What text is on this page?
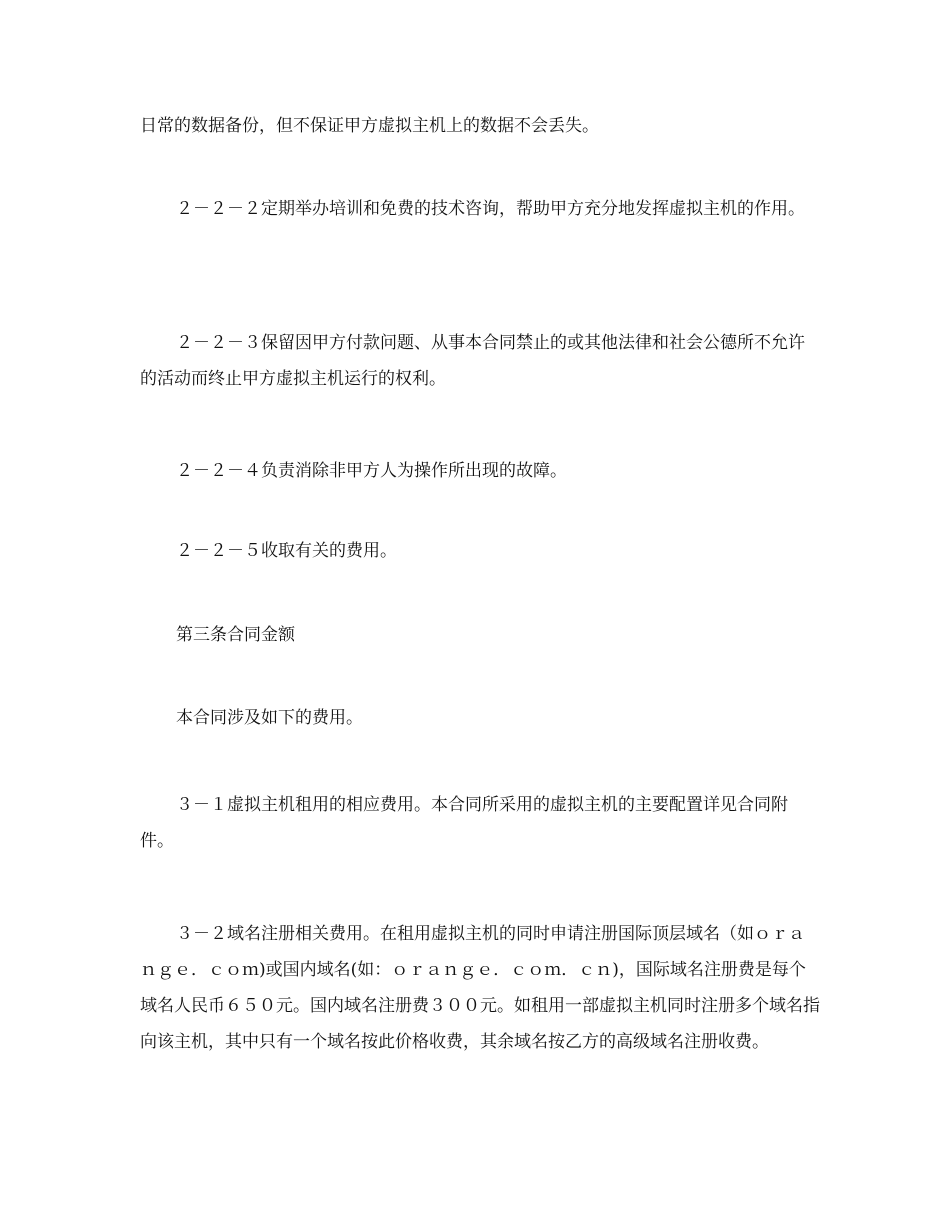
日常的数据备份，但不保证甲方虚拟主机上的数据不会丢失。

２－２－２定期举办培训和免费的技术咨询，帮助甲方充分地发挥虚拟主机的作用。

２－２－３保留因甲方付款问题、从事本合同禁止的或其他法律和社会公德所不允许的活动而终止甲方虚拟主机运行的权利。

２－２－４负责消除非甲方人为操作所出现的故障。

２－２－５收取有关的费用。

第三条合同金额

本合同涉及如下的费用。

３－１虚拟主机租用的相应费用。本合同所采用的虚拟主机的主要配置详见合同附件。

３－２域名注册相关费用。在租用虚拟主机的同时申请注册国际顶层域名（如ｏｒａｎｇｅ．ｃｏｍ)或国内域名(如：ｏｒａｎｇｅ．ｃｏｍ．ｃｎ)，国际域名注册费是每个域名人民币６５０元。国内域名注册费３００元。如租用一部虚拟主机同时注册多个域名指向该主机，其中只有一个域名按此价格收费，其余域名按乙方的高级域名注册收费。
